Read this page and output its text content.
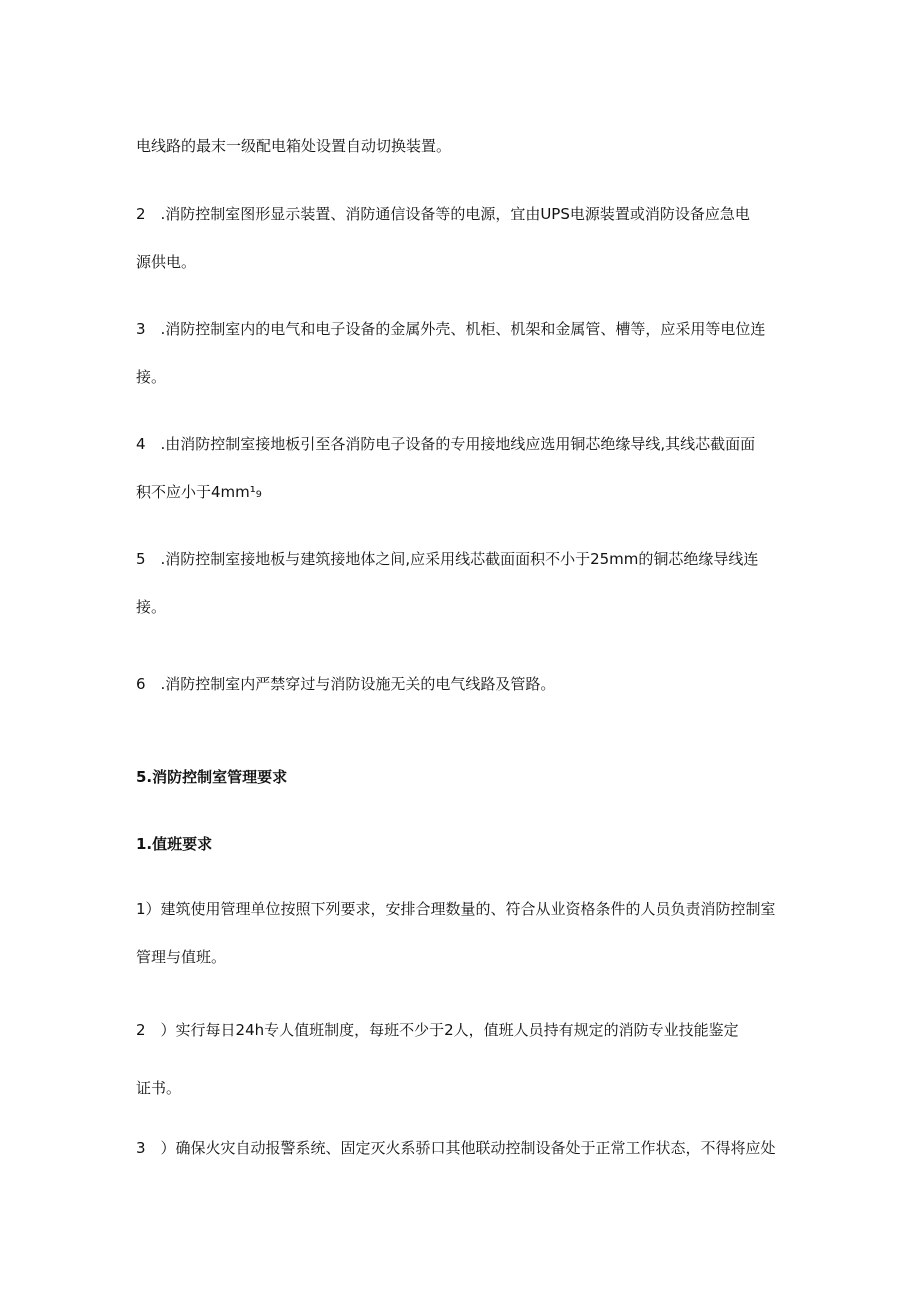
电线路的最末一级配电箱处设置自动切换装置。
2　.消防控制室图形显示装置、消防通信设备等的电源，宜由UPS电源装置或消防设备应急电
源供电。
3　.消防控制室内的电气和电子设备的金属外壳、机柜、机架和金属管、槽等，应采用等电位连
接。
4　.由消防控制室接地板引至各消防电子设备的专用接地线应选用铜芯绝缘导线,其线芯截面面
积不应小于4mm¹₉
5　.消防控制室接地板与建筑接地体之间,应采用线芯截面面积不小于25mm的铜芯绝缘导线连
接。
6　.消防控制室内严禁穿过与消防设施无关的电气线路及管路。
5.消防控制室管理要求
1.值班要求
1）建筑使用管理单位按照下列要求，安排合理数量的、符合从业资格条件的人员负责消防控制室
管理与值班。
2　）实行每日24h专人值班制度，每班不少于2人，值班人员持有规定的消防专业技能鉴定
证书。
3　）确保火灾自动报警系统、固定灭火系骄口其他联动控制设备处于正常工作状态，不得将应处
